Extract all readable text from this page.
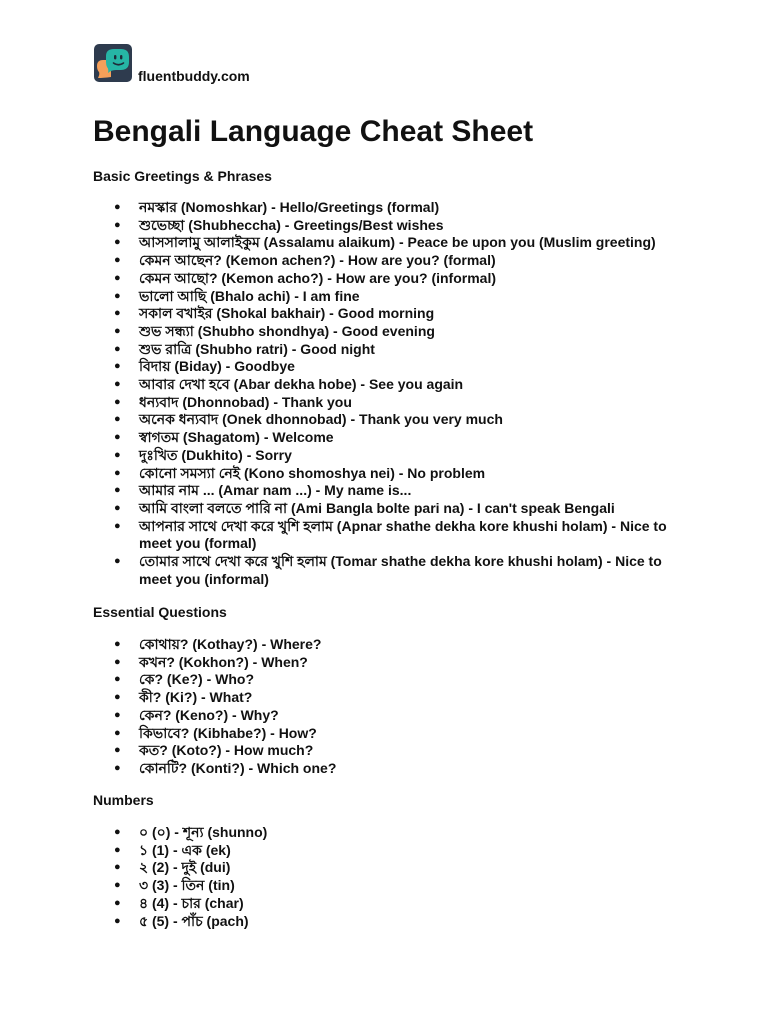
fluentbuddy.com
Bengali Language Cheat Sheet
Basic Greetings & Phrases
● নমস্কার (Nomoshkar) - Hello/Greetings (formal)
● শুভেচ্ছা (Shubheccha) - Greetings/Best wishes
● আসসালামু আলাইকুম (Assalamu alaikum) - Peace be upon you (Muslim greeting)
● কেমন আছেন? (Kemon achen?) - How are you? (formal)
● কেমন আছো? (Kemon acho?) - How are you? (informal)
● ভালো আছি (Bhalo achi) - I am fine
● সকাল বখাইর (Shokal bakhair) - Good morning
● শুভ সন্ধ্যা (Shubho shondhya) - Good evening
● শুভ রাত্রি (Shubho ratri) - Good night
● বিদায় (Biday) - Goodbye
● আবার দেখা হবে (Abar dekha hobe) - See you again
● ধন্যবাদ (Dhonnobad) - Thank you
● অনেক ধন্যবাদ (Onek dhonnobad) - Thank you very much
● স্বাগতম (Shagatom) - Welcome
● দুঃখিত (Dukhito) - Sorry
● কোনো সমস্যা নেই (Kono shomoshya nei) - No problem
● আমার নাম ... (Amar nam ...) - My name is...
● আমি বাংলা বলতে পারি না (Ami Bangla bolte pari na) - I can't speak Bengali
● আপনার সাথে দেখা করে খুশি হলাম (Apnar shathe dekha kore khushi holam) - Nice to meet you (formal)
● তোমার সাথে দেখা করে খুশি হলাম (Tomar shathe dekha kore khushi holam) - Nice to meet you (informal)
Essential Questions
● কোথায়? (Kothay?) - Where?
● কখন? (Kokhon?) - When?
● কে? (Ke?) - Who?
● কী? (Ki?) - What?
● কেন? (Keno?) - Why?
● কিভাবে? (Kibhabe?) - How?
● কত? (Koto?) - How much?
● কোনটি? (Konti?) - Which one?
Numbers
● ০ (০) - শূন্য (shunno)
● ১ (1) - এক (ek)
● ২ (2) - দুই (dui)
● ৩ (3) - তিন (tin)
● ৪ (4) - চার (char)
● ৫ (5) - পাঁচ (pach)
